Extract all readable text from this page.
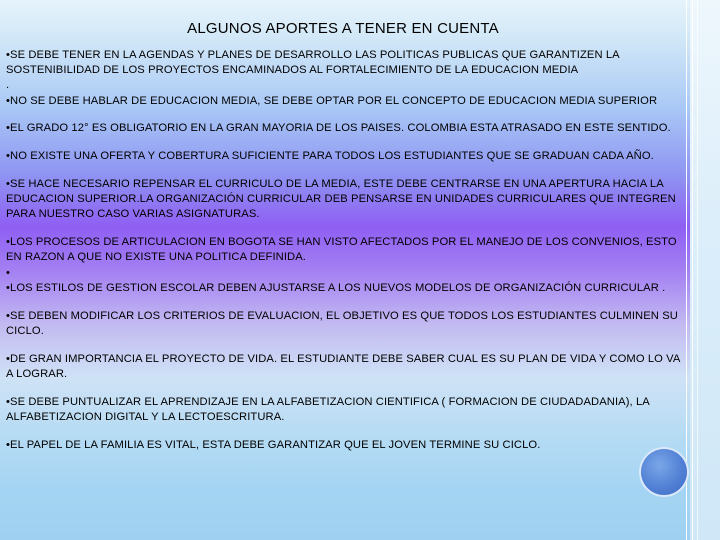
ALGUNOS APORTES A TENER EN CUENTA

•SE DEBE TENER EN LA AGENDAS Y PLANES DE DESARROLLO LAS POLITICAS PUBLICAS QUE GARANTIZEN LA SOSTENIBILIDAD DE LOS PROYECTOS ENCAMINADOS AL FORTALECIMIENTO DE LA EDUCACION MEDIA

.

•NO SE DEBE HABLAR DE EDUCACION MEDIA, SE DEBE OPTAR POR EL CONCEPTO DE EDUCACION MEDIA SUPERIOR

•EL GRADO 12° ES OBLIGATORIO EN LA GRAN MAYORIA DE LOS PAISES. COLOMBIA ESTA ATRASADO EN ESTE SENTIDO.

•NO EXISTE UNA OFERTA Y COBERTURA SUFICIENTE PARA TODOS LOS ESTUDIANTES QUE SE GRADUAN CADA AÑO.

•SE HACE NECESARIO REPENSAR EL CURRICULO DE LA MEDIA, ESTE DEBE CENTRARSE EN UNA APERTURA HACIA LA EDUCACION SUPERIOR.LA ORGANIZACIÓN CURRICULAR DEB PENSARSE EN UNIDADES CURRICULARES QUE INTEGREN PARA NUESTRO CASO VARIAS ASIGNATURAS.

•LOS PROCESOS DE ARTICULACION EN BOGOTA SE HAN VISTO AFECTADOS POR EL MANEJO DE LOS CONVENIOS, ESTO EN RAZON A QUE NO EXISTE UNA POLITICA DEFINIDA.

•

•LOS ESTILOS DE GESTION ESCOLAR DEBEN AJUSTARSE A LOS NUEVOS MODELOS DE ORGANIZACIÓN CURRICULAR .

•SE DEBEN MODIFICAR LOS CRITERIOS DE EVALUACION, EL OBJETIVO ES QUE TODOS LOS ESTUDIANTES CULMINEN SU CICLO.

•DE GRAN IMPORTANCIA EL PROYECTO DE VIDA. EL ESTUDIANTE DEBE SABER CUAL ES SU PLAN DE VIDA Y COMO LO VA A LOGRAR.

•SE DEBE PUNTUALIZAR EL APRENDIZAJE EN LA ALFABETIZACION CIENTIFICA ( FORMACION DE CIUDADADANIA), LA ALFABETIZACION DIGITAL Y LA LECTOESCRITURA.

•EL PAPEL DE LA FAMILIA ES VITAL, ESTA DEBE GARANTIZAR QUE EL JOVEN TERMINE SU CICLO.
